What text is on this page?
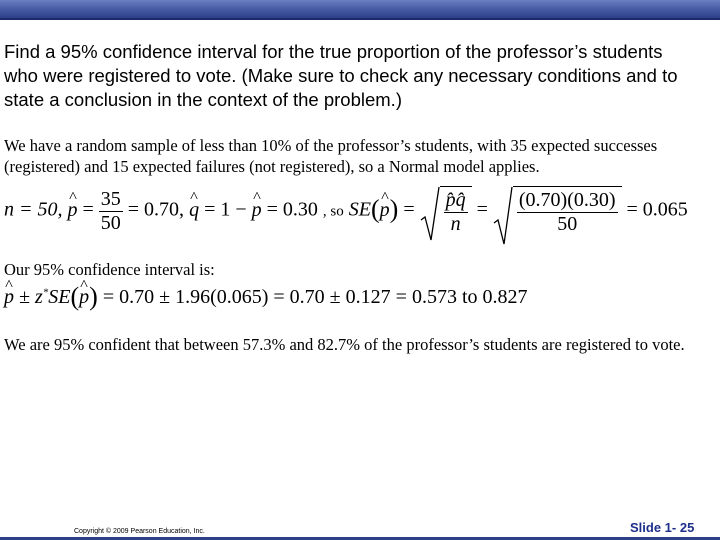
Find a 95% confidence interval for the true proportion of the professor’s students
who were registered to vote. (Make sure to check any necessary conditions and to
state a conclusion in the context of the problem.)
We have a random sample of less than 10% of the professor’s students, with 35 expected successes (registered) and 15 expected failures (not registered), so a Normal model applies.
n = 50, ^ $p = \frac{35}{50} = 0.70$, ^ q = 1 − ^ p = 0.30 , so SE(^ $p) = \frac{p̂q̂}{n} = \frac{(0.70)(0.30)}{50} = 0.065$
Our 95% confidence interval is:
^ p ± z*SE(^ p) = 0.70 ± 1.96(0.065) = 0.70 ± 0.127 = 0.573 to 0.827
We are 95% confident that between 57.3% and 82.7% of the professor’s students are registered to vote.
Copyright © 2009 Pearson Education, Inc.	Slide 1- 25
